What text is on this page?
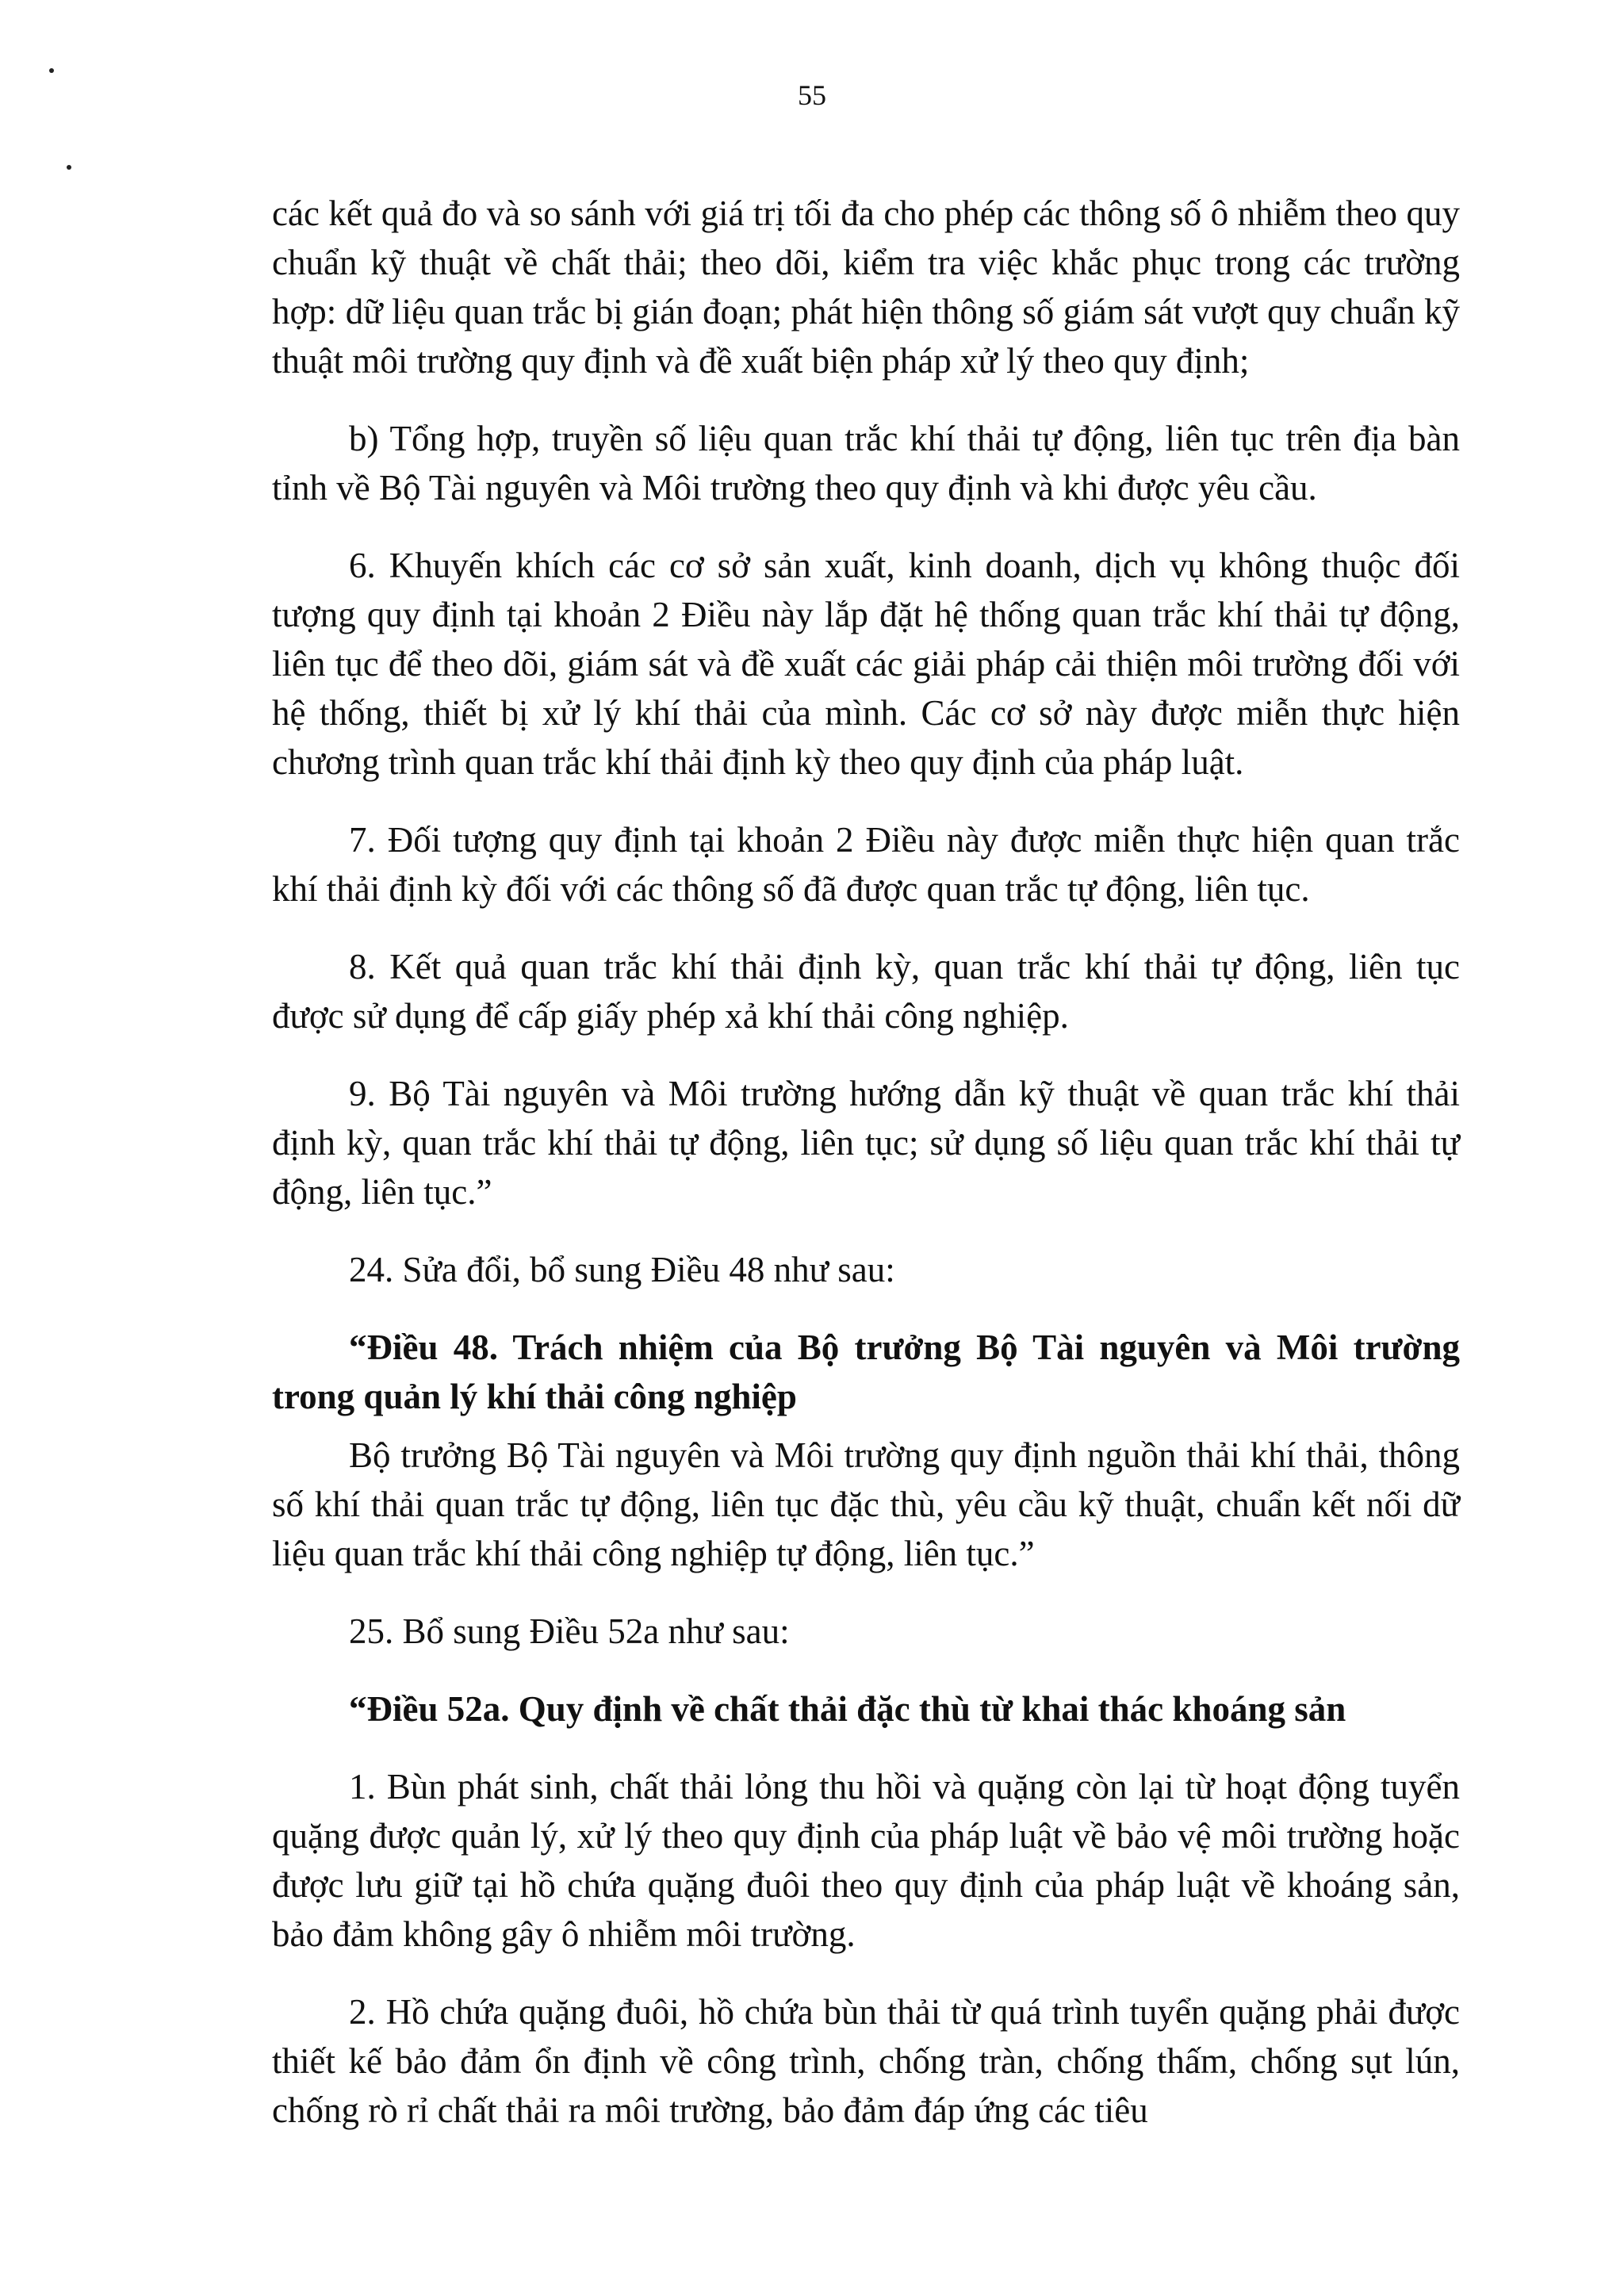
55

các kết quả đo và so sánh với giá trị tối đa cho phép các thông số ô nhiễm theo quy chuẩn kỹ thuật về chất thải; theo dõi, kiểm tra việc khắc phục trong các trường hợp: dữ liệu quan trắc bị gián đoạn; phát hiện thông số giám sát vượt quy chuẩn kỹ thuật môi trường quy định và đề xuất biện pháp xử lý theo quy định;

b) Tổng hợp, truyền số liệu quan trắc khí thải tự động, liên tục trên địa bàn tỉnh về Bộ Tài nguyên và Môi trường theo quy định và khi được yêu cầu.

6. Khuyến khích các cơ sở sản xuất, kinh doanh, dịch vụ không thuộc đối tượng quy định tại khoản 2 Điều này lắp đặt hệ thống quan trắc khí thải tự động, liên tục để theo dõi, giám sát và đề xuất các giải pháp cải thiện môi trường đối với hệ thống, thiết bị xử lý khí thải của mình. Các cơ sở này được miễn thực hiện chương trình quan trắc khí thải định kỳ theo quy định của pháp luật.

7. Đối tượng quy định tại khoản 2 Điều này được miễn thực hiện quan trắc khí thải định kỳ đối với các thông số đã được quan trắc tự động, liên tục.

8. Kết quả quan trắc khí thải định kỳ, quan trắc khí thải tự động, liên tục được sử dụng để cấp giấy phép xả khí thải công nghiệp.

9. Bộ Tài nguyên và Môi trường hướng dẫn kỹ thuật về quan trắc khí thải định kỳ, quan trắc khí thải tự động, liên tục; sử dụng số liệu quan trắc khí thải tự động, liên tục.”

24. Sửa đổi, bổ sung Điều 48 như sau:

“Điều 48. Trách nhiệm của Bộ trưởng Bộ Tài nguyên và Môi trường trong quản lý khí thải công nghiệp

Bộ trưởng Bộ Tài nguyên và Môi trường quy định nguồn thải khí thải, thông số khí thải quan trắc tự động, liên tục đặc thù, yêu cầu kỹ thuật, chuẩn kết nối dữ liệu quan trắc khí thải công nghiệp tự động, liên tục.”

25. Bổ sung Điều 52a như sau:

“Điều 52a. Quy định về chất thải đặc thù từ khai thác khoáng sản

1. Bùn phát sinh, chất thải lỏng thu hồi và quặng còn lại từ hoạt động tuyển quặng được quản lý, xử lý theo quy định của pháp luật về bảo vệ môi trường hoặc được lưu giữ tại hồ chứa quặng đuôi theo quy định của pháp luật về khoáng sản, bảo đảm không gây ô nhiễm môi trường.

2. Hồ chứa quặng đuôi, hồ chứa bùn thải từ quá trình tuyển quặng phải được thiết kế bảo đảm ổn định về công trình, chống tràn, chống thấm, chống sụt lún, chống rò rỉ chất thải ra môi trường, bảo đảm đáp ứng các tiêu
